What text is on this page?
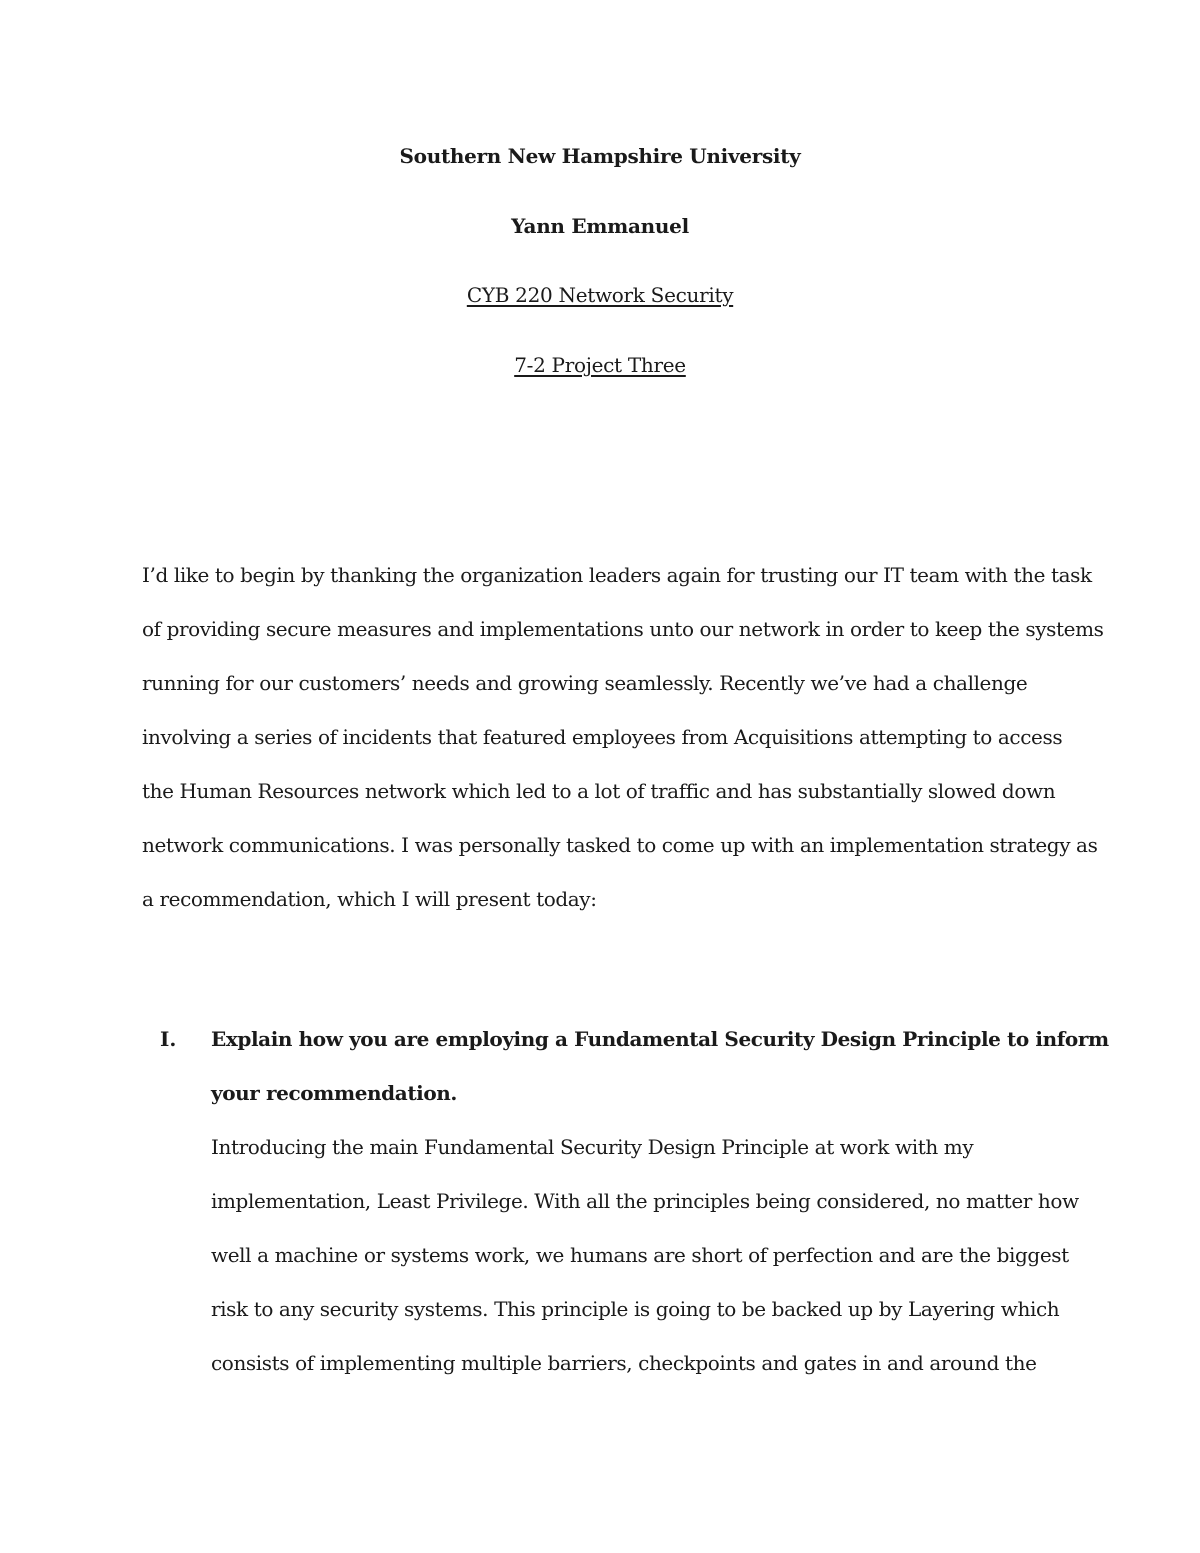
Southern New Hampshire University
Yann Emmanuel
CYB 220 Network Security
7-2 Project Three
I’d like to begin by thanking the organization leaders again for trusting our IT team with the task
of providing secure measures and implementations unto our network in order to keep the systems
running for our customers’ needs and growing seamlessly. Recently we’ve had a challenge
involving a series of incidents that featured employees from Acquisitions attempting to access
the Human Resources network which led to a lot of traffic and has substantially slowed down
network communications. I was personally tasked to come up with an implementation strategy as
a recommendation, which I will present today:
I. Explain how you are employing a Fundamental Security Design Principle to inform
your recommendation.
Introducing the main Fundamental Security Design Principle at work with my
implementation, Least Privilege. With all the principles being considered, no matter how
well a machine or systems work, we humans are short of perfection and are the biggest
risk to any security systems. This principle is going to be backed up by Layering which
consists of implementing multiple barriers, checkpoints and gates in and around the
